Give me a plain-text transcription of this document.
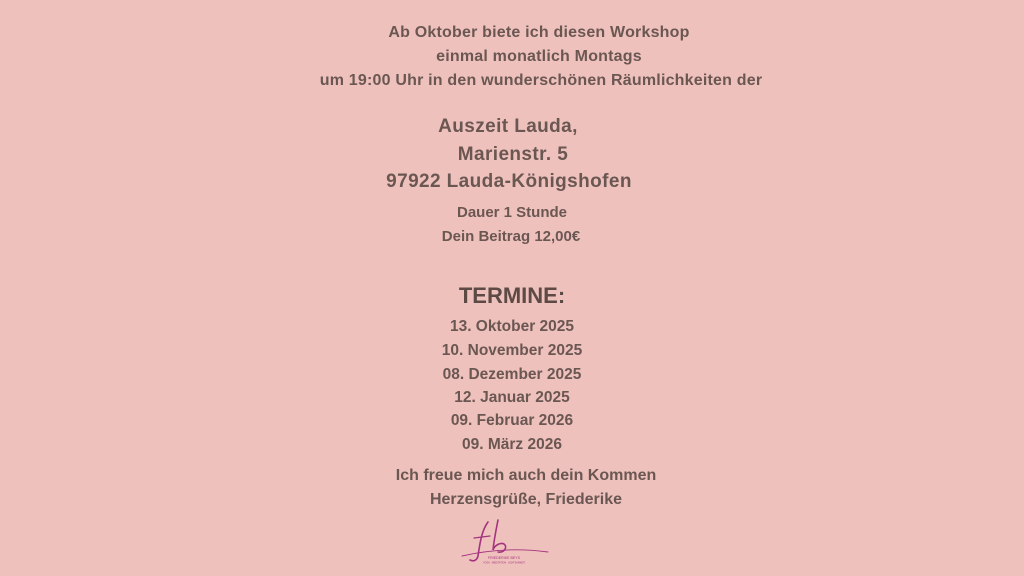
Ab Oktober biete ich diesen Workshop
einmal monatlich Montags
um 19:00 Uhr in den wunderschönen Räumlichkeiten der
Auszeit Lauda,
Marienstr. 5
97922 Lauda-Königshofen
Dauer 1 Stunde
Dein Beitrag 12,00€
TERMINE:
13. Oktober 2025
10. November 2025
08. Dezember 2025
12. Januar 2025
09. Februar 2026
09. März 2026
Ich freue mich auch dein Kommen
Herzensgrüße, Friederike
FRIEDERIKE BEYS
YOGA · MEDITATION · ACHTSAMKEIT
